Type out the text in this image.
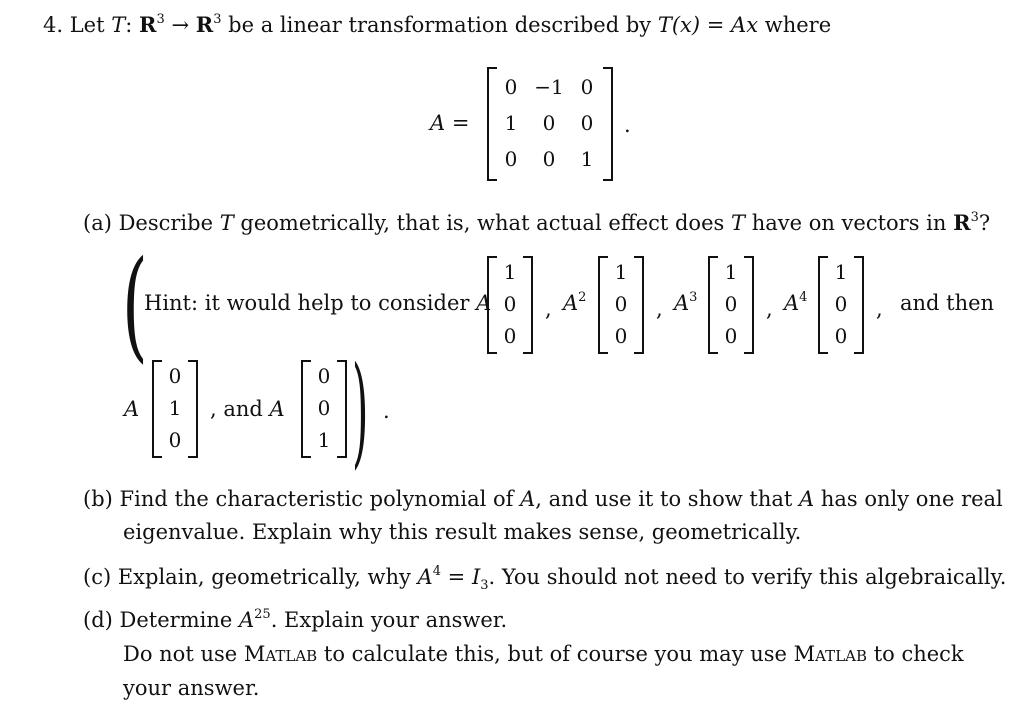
4. Let T: $R^3 \to R^3$ be a linear transformation described by T(x) = Ax where
A =
0 −1 0
1	0	0
0	0	1
.
(a) Describe T geometrically, that is, what actual effect does T have on vectors in $R^3$?
(
Hint: it would help to consider A
1
0
0
, $A^2$
1
0
0
, $A^3$
1
0
0
, $A^4$
1
0
0
, and then
A
0
1
0
, and A
0
0
1 ) .
(b) Find the characteristic polynomial of A, and use it to show that A has only one real
eigenvalue. Explain why this result makes sense, geometrically.
(c) Explain, geometrically, why $A^4 = I_3$. You should not need to verify this algebraically.
(d) Determine $A^{25}$. Explain your answer.
Do not use MATLAB to calculate this, but of course you may use MATLAB to check
your answer.
